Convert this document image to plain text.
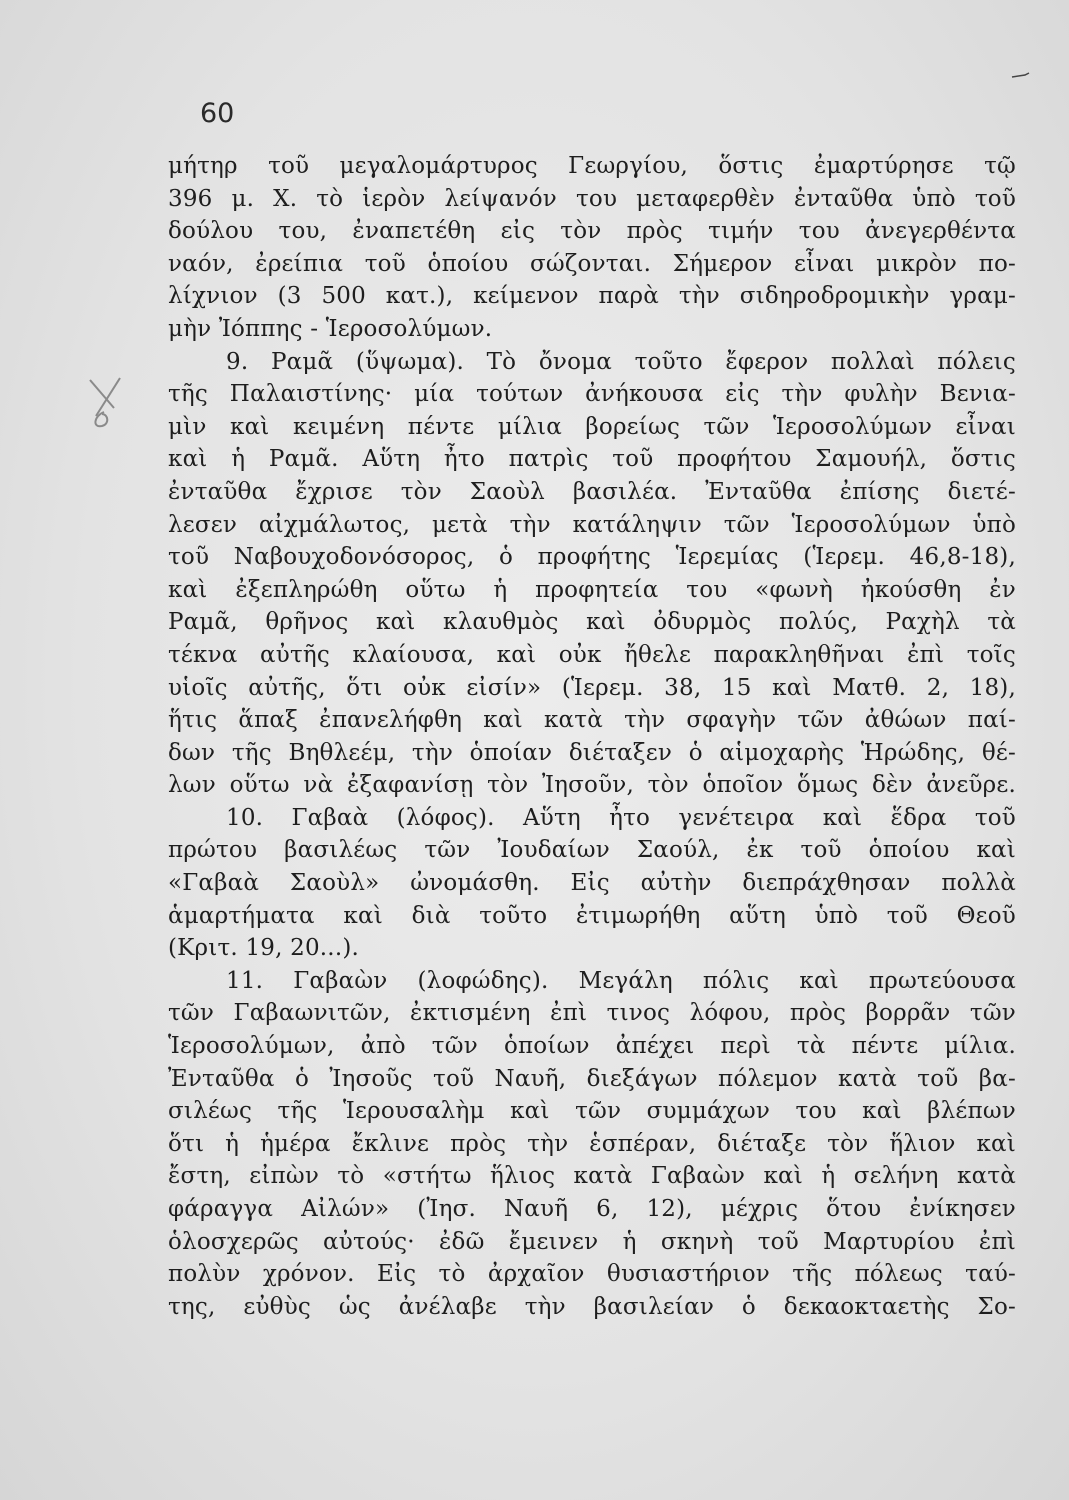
60
μήτηρ τοῦ μεγαλομάρτυρος Γεωργίου, ὅστις ἐμαρτύρησε τῷ
396 μ. Χ. τὸ ἱερὸν λείψανόν του μεταφερθὲν ἐνταῦθα ὑπὸ τοῦ
δούλου του, ἐναπετέθη εἰς τὸν πρὸς τιμήν του ἀνεγερθέντα
ναόν, ἐρείπια τοῦ ὁποίου σώζονται. Σήμερον εἶναι μικρὸν πο-
λίχνιον (3 500 κατ.), κείμενον παρὰ τὴν σιδηροδρομικὴν γραμ-
μὴν Ἰόππης - Ἱεροσολύμων.
9. Ραμᾶ (ὕψωμα). Τὸ ὄνομα τοῦτο ἔφερον πολλαὶ πόλεις
τῆς Παλαιστίνης· μία τούτων ἀνήκουσα εἰς τὴν φυλὴν Βενια-
μὶν καὶ κειμένη πέντε μίλια βορείως τῶν Ἱεροσολύμων εἶναι
καὶ ἡ Ραμᾶ. Αὕτη ἦτο πατρὶς τοῦ προφήτου Σαμουήλ, ὅστις
ἐνταῦθα ἔχρισε τὸν Σαοὺλ βασιλέα. Ἐνταῦθα ἐπίσης διετέ-
λεσεν αἰχμάλωτος, μετὰ τὴν κατάληψιν τῶν Ἱεροσολύμων ὑπὸ
τοῦ Ναβουχοδονόσορος, ὁ προφήτης Ἱερεμίας (Ἱερεμ. 46,8-18),
καὶ ἐξεπληρώθη οὕτω ἡ προφητεία του «φωνὴ ἠκούσθη ἐν
Ραμᾶ, θρῆνος καὶ κλαυθμὸς καὶ ὀδυρμὸς πολύς, Ραχὴλ τὰ
τέκνα αὐτῆς κλαίουσα, καὶ οὐκ ἤθελε παρακληθῆναι ἐπὶ τοῖς
υἱοῖς αὐτῆς, ὅτι οὐκ εἰσίν» (Ἱερεμ. 38, 15 καὶ Ματθ. 2, 18),
ἥτις ἅπαξ ἐπανελήφθη καὶ κατὰ τὴν σφαγὴν τῶν ἀθώων παί-
δων τῆς Βηθλεέμ, τὴν ὁποίαν διέταξεν ὁ αἱμοχαρὴς Ἡρώδης, θέ-
λων οὕτω νὰ ἐξαφανίσῃ τὸν Ἰησοῦν, τὸν ὁποῖον ὅμως δὲν ἀνεῦρε.
10. Γαβαὰ (λόφος). Αὕτη ἦτο γενέτειρα καὶ ἕδρα τοῦ
πρώτου βασιλέως τῶν Ἰουδαίων Σαούλ, ἐκ τοῦ ὁποίου καὶ
«Γαβαὰ Σαοὺλ» ὠνομάσθη. Εἰς αὐτὴν διεπράχθησαν πολλὰ
ἁμαρτήματα καὶ διὰ τοῦτο ἐτιμωρήθη αὕτη ὑπὸ τοῦ Θεοῦ
(Κριτ. 19, 20...).
11. Γαβαὼν (λοφώδης). Μεγάλη πόλις καὶ πρωτεύουσα
τῶν Γαβαωνιτῶν, ἐκτισμένη ἐπὶ τινος λόφου, πρὸς βορρᾶν τῶν
Ἱεροσολύμων, ἀπὸ τῶν ὁποίων ἀπέχει περὶ τὰ πέντε μίλια.
Ἐνταῦθα ὁ Ἰησοῦς τοῦ Ναυῆ, διεξάγων πόλεμον κατὰ τοῦ βα-
σιλέως τῆς Ἱερουσαλὴμ καὶ τῶν συμμάχων του καὶ βλέπων
ὅτι ἡ ἡμέρα ἔκλινε πρὸς τὴν ἑσπέραν, διέταξε τὸν ἥλιον καὶ
ἔστη, εἰπὼν τὸ «στήτω ἥλιος κατὰ Γαβαὼν καὶ ἡ σελήνη κατὰ
φάραγγα Αἰλών» (Ἰησ. Ναυῆ 6, 12), μέχρις ὅτου ἐνίκησεν
ὁλοσχερῶς αὐτούς· ἐδῶ ἔμεινεν ἡ σκηνὴ τοῦ Μαρτυρίου ἐπὶ
πολὺν χρόνον. Εἰς τὸ ἀρχαῖον θυσιαστήριον τῆς πόλεως ταύ-
της, εὐθὺς ὡς ἀνέλαβε τὴν βασιλείαν ὁ δεκαοκταετὴς Σο-
